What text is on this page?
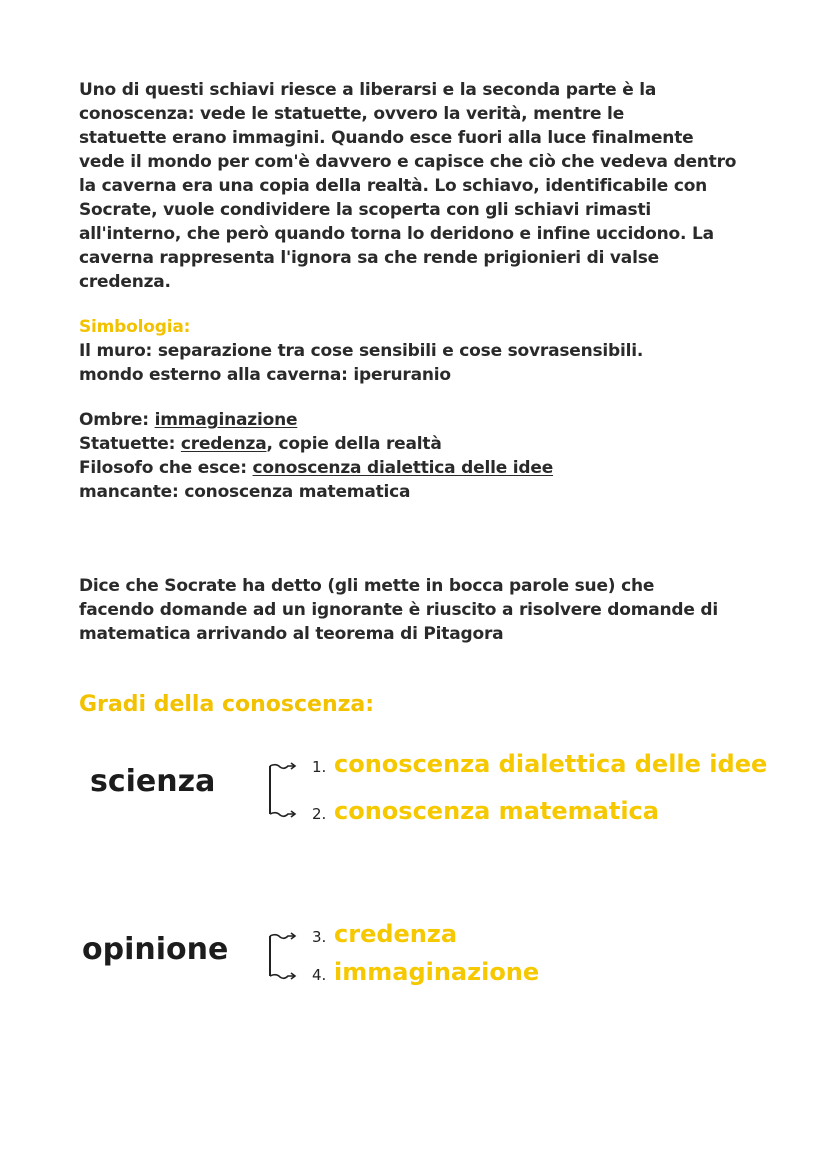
Uno di questi schiavi riesce a liberarsi e la seconda parte è la
conoscenza: vede le statuette, ovvero la verità, mentre le
statuette erano immagini. Quando esce fuori alla luce finalmente
vede il mondo per com'è davvero e capisce che ciò che vedeva dentro
la caverna era una copia della realtà. Lo schiavo, identificabile con
Socrate, vuole condividere la scoperta con gli schiavi rimasti
all'interno, che però quando torna lo deridono e infine uccidono. La
caverna rappresenta l'ignora sa che rende prigionieri di valse
credenza.
Simbologia:
Il muro: separazione tra cose sensibili e cose sovrasensibili.
mondo esterno alla caverna: iperuranio
Ombre: immaginazione
Statuette: credenza, copie della realtà
Filosofo che esce: conoscenza dialettica delle idee
mancante: conoscenza matematica
Dice che Socrate ha detto (gli mette in bocca parole sue) che
facendo domande ad un ignorante è riuscito a risolvere domande di
matematica arrivando al teorema di Pitagora
Gradi della conoscenza:
scienza	1. conoscenza dialettica delle idee
2. conoscenza matematica
opinione	3. credenza
4. immaginazione
